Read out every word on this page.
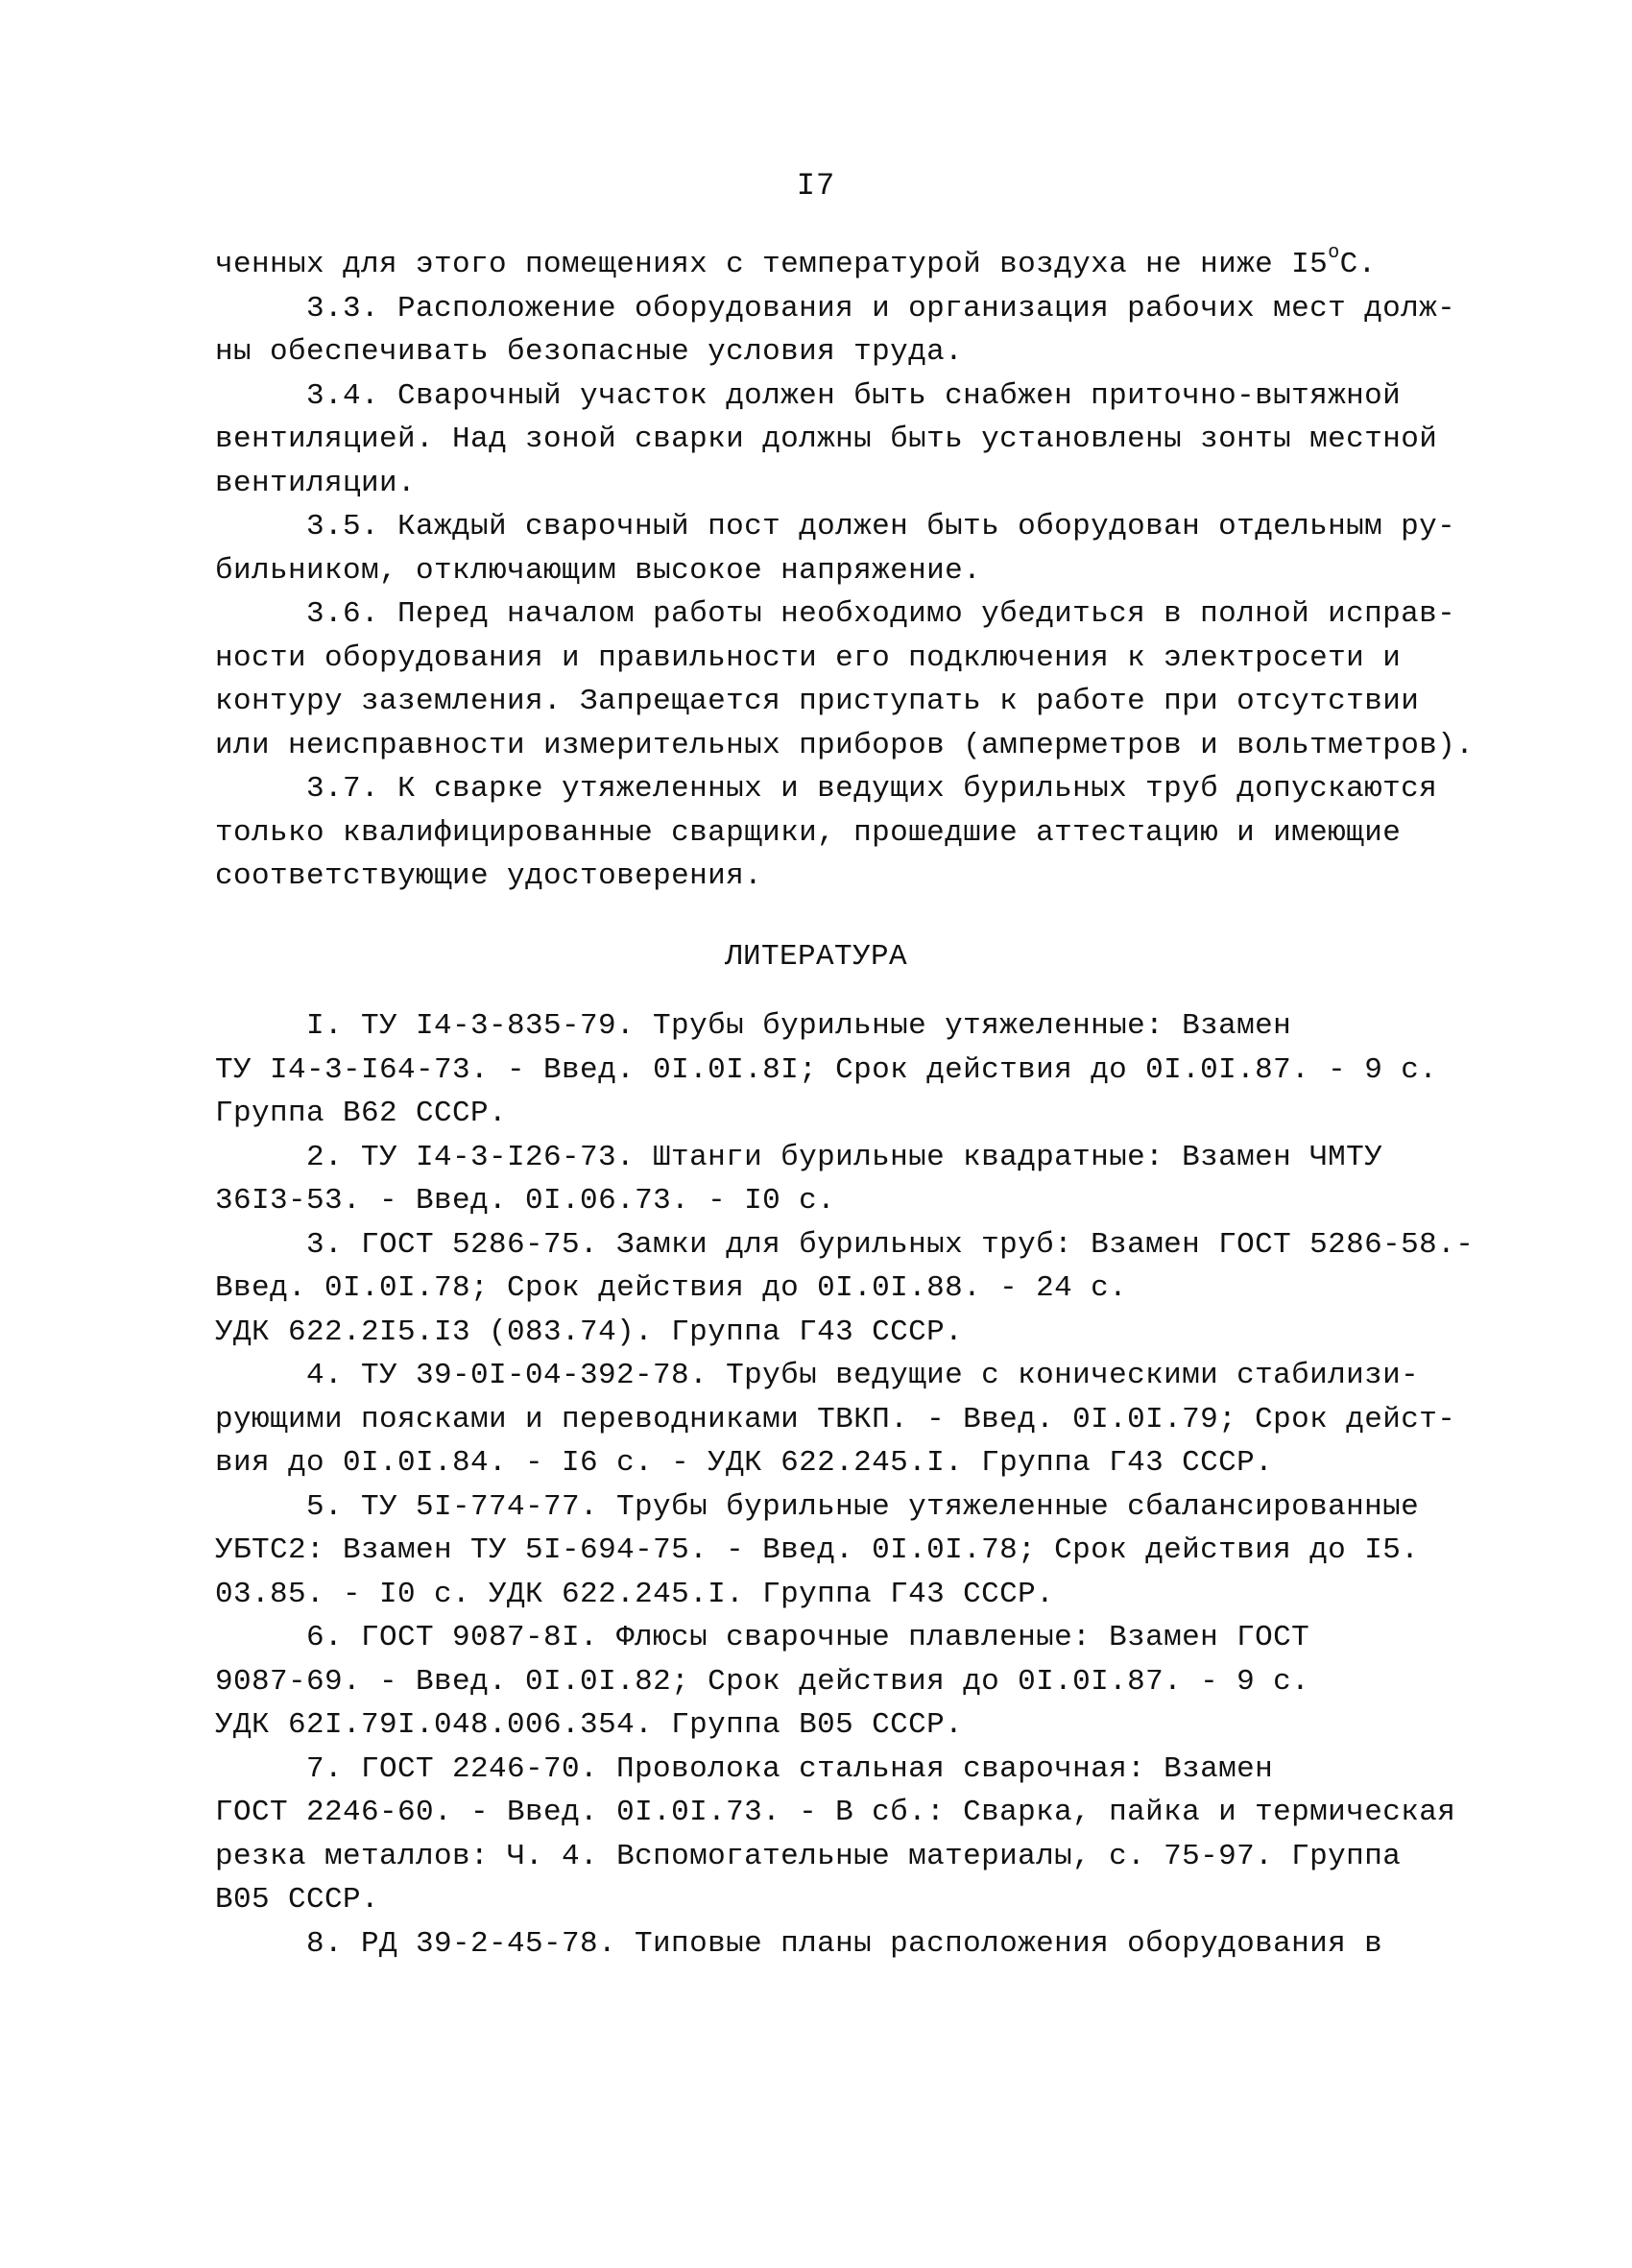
I7
ченных для этого помещениях с температурой воздуха не ниже I5$^o$С.
3.3. Расположение оборудования и организация рабочих мест долж-
ны обеспечивать безопасные условия труда.
3.4. Сварочный участок должен быть снабжен приточно-вытяжной
вентиляцией. Над зоной сварки должны быть установлены зонты местной
вентиляции.
3.5. Каждый сварочный пост должен быть оборудован отдельным ру-
бильником, отключающим высокое напряжение.
3.6. Перед началом работы необходимо убедиться в полной исправ-
ности оборудования и правильности его подключения к электросети и
контуру заземления. Запрещается приступать к работе при отсутствии
или неисправности измерительных приборов (амперметров и вольтметров).
3.7. К сварке утяжеленных и ведущих бурильных труб допускаются
только квалифицированные сварщики, прошедшие аттестацию и имеющие
соответствующие удостоверения.
ЛИТЕРАТУРА
I. ТУ I4-3-835-79. Трубы бурильные утяжеленные: Взамен
ТУ I4-3-I64-73. - Введ. 0I.0I.8I; Срок действия до 0I.0I.87. - 9 с.
Группа В62 СССР.
2. ТУ I4-3-I26-73. Штанги бурильные квадратные: Взамен ЧМТУ
36I3-53. - Введ. 0I.06.73. - I0 с.
3. ГОСТ 5286-75. Замки для бурильных труб: Взамен ГОСТ 5286-58.-
Введ. 0I.0I.78; Срок действия до 0I.0I.88. - 24 с.
УДК 622.2I5.I3 (083.74). Группа Г43 СССР.
4. ТУ 39-0I-04-392-78. Трубы ведущие с коническими стабилизи-
рующими поясками и переводниками ТВКП. - Введ. 0I.0I.79; Срок дейст-
вия до 0I.0I.84. - I6 с. - УДК 622.245.I. Группа Г43 СССР.
5. ТУ 5I-774-77. Трубы бурильные утяжеленные сбалансированные
УБТС2: Взамен ТУ 5I-694-75. - Введ. 0I.0I.78; Срок действия до I5.
03.85. - I0 с. УДК 622.245.I. Группа Г43 СССР.
6. ГОСТ 9087-8I. Флюсы сварочные плавленые: Взамен ГОСТ
9087-69. - Введ. 0I.0I.82; Срок действия до 0I.0I.87. - 9 с.
УДК 62I.79I.048.006.354. Группа В05 СССР.
7. ГОСТ 2246-70. Проволока стальная сварочная: Взамен
ГОСТ 2246-60. - Введ. 0I.0I.73. - В сб.: Сварка, пайка и термическая
резка металлов: Ч. 4. Вспомогательные материалы, с. 75-97. Группа
В05 СССР.
8. РД 39-2-45-78. Типовые планы расположения оборудования в
